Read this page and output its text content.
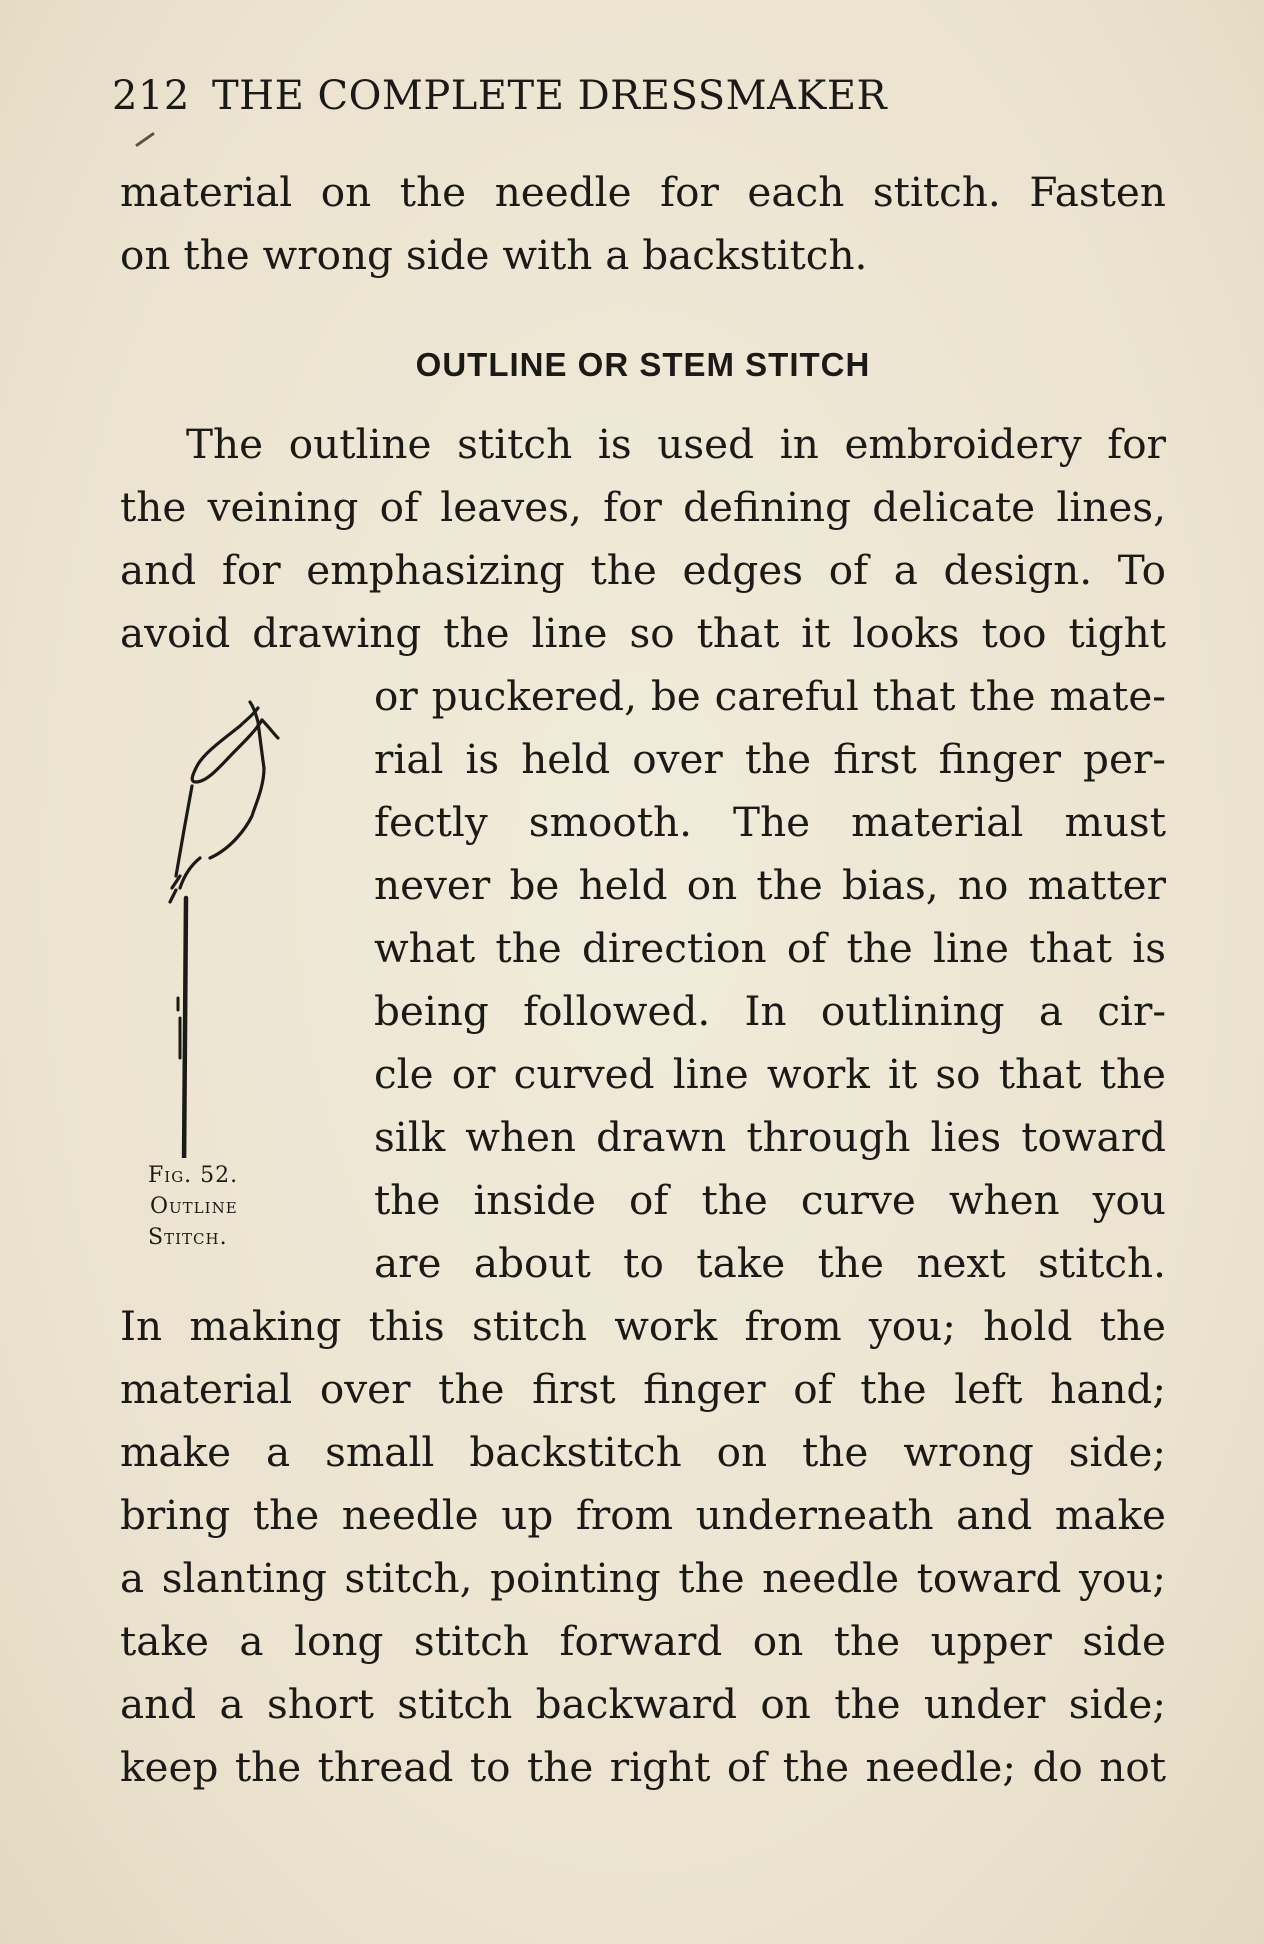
212 THE COMPLETE DRESSMAKER
material on the needle for each stitch. Fasten
on the wrong side with a backstitch.
OUTLINE OR STEM STITCH
The outline stitch is used in embroidery for
the veining of leaves, for defining delicate lines,
and for emphasizing the edges of a design. To
avoid drawing the line so that it looks too tight
or puckered, be careful that the mate-
rial is held over the first finger per-
fectly smooth. The material must
never be held on the bias, no matter
what the direction of the line that is
being followed. In outlining a cir-
cle or curved line work it so that the
silk when drawn through lies toward
the inside of the curve when you
are about to take the next stitch.
In making this stitch work from you; hold the
material over the first finger of the left hand;
make a small backstitch on the wrong side;
bring the needle up from underneath and make
a slanting stitch, pointing the needle toward you;
take a long stitch forward on the upper side
and a short stitch backward on the under side;
keep the thread to the right of the needle; do not
Fig. 52.
Outline
Stitch.
